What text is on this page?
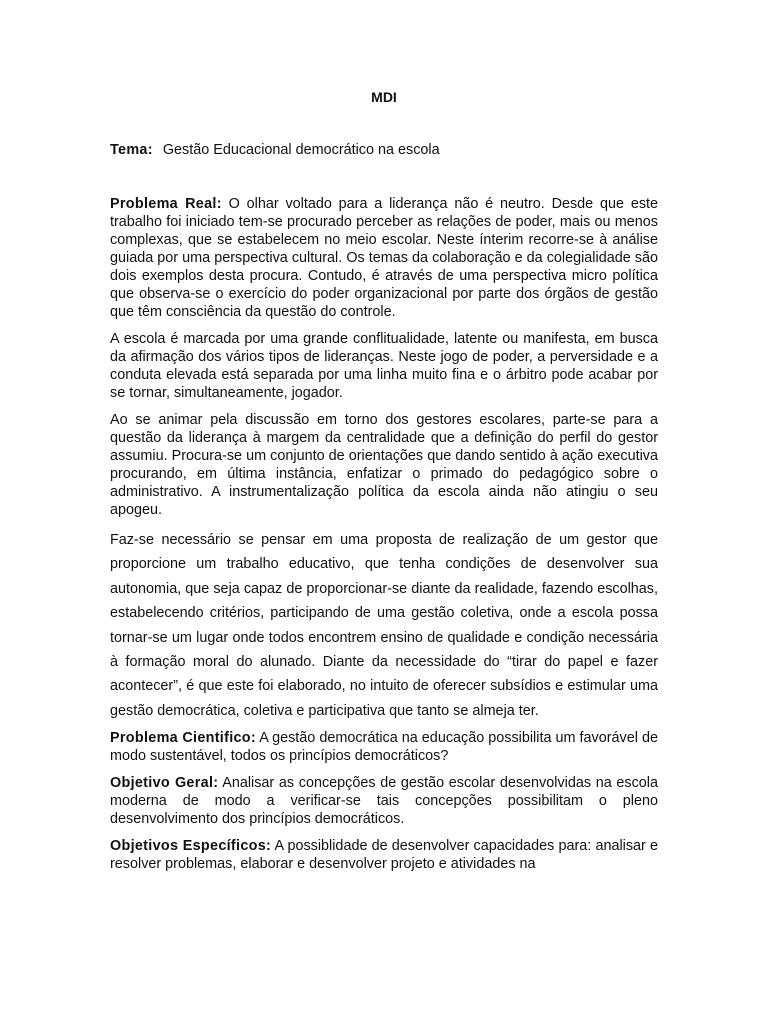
MDI
Tema: Gestão Educacional democrático na escola

Problema Real: O olhar voltado para a liderança não é neutro. Desde que este trabalho foi iniciado tem-se procurado perceber as relações de poder, mais ou menos complexas, que se estabelecem no meio escolar. Neste ínterim recorre-se à análise guiada por uma perspectiva cultural. Os temas da colaboração e da colegialidade são dois exemplos desta procura. Contudo, é através de uma perspectiva micro política que observa-se o exercício do poder organizacional por parte dos órgãos de gestão que têm consciência da questão do controle.

A escola é marcada por uma grande conflitualidade, latente ou manifesta, em busca da afirmação dos vários tipos de lideranças. Neste jogo de poder, a perversidade e a conduta elevada está separada por uma linha muito fina e o árbitro pode acabar por se tornar, simultaneamente, jogador.

Ao se animar pela discussão em torno dos gestores escolares, parte-se para a questão da liderança à margem da centralidade que a definição do perfil do gestor assumiu. Procura-se um conjunto de orientações que dando sentido à ação executiva procurando, em última instância, enfatizar o primado do pedagógico sobre o administrativo. A instrumentalização política da escola ainda não atingiu o seu apogeu.

Faz-se necessário se pensar em uma proposta de realização de um gestor que proporcione um trabalho educativo, que tenha condições de desenvolver sua autonomia, que seja capaz de proporcionar-se diante da realidade, fazendo escolhas, estabelecendo critérios, participando de uma gestão coletiva, onde a escola possa tornar-se um lugar onde todos encontrem ensino de qualidade e condição necessária à formação moral do alunado. Diante da necessidade do “tirar do papel e fazer acontecer”, é que este foi elaborado, no intuito de oferecer subsídios e estimular uma gestão democrática, coletiva e participativa que tanto se almeja ter.

Problema Cientifico: A gestão democrática na educação possibilita um favorável de modo sustentável, todos os princípios democráticos?

Objetivo Geral: Analisar as concepções de gestão escolar desenvolvidas na escola moderna de modo a verificar-se tais concepções possibilitam o pleno desenvolvimento dos princípios democráticos.

Objetivos Específicos: A possiblidade de desenvolver capacidades para: analisar e resolver problemas, elaborar e desenvolver projeto e atividades na
